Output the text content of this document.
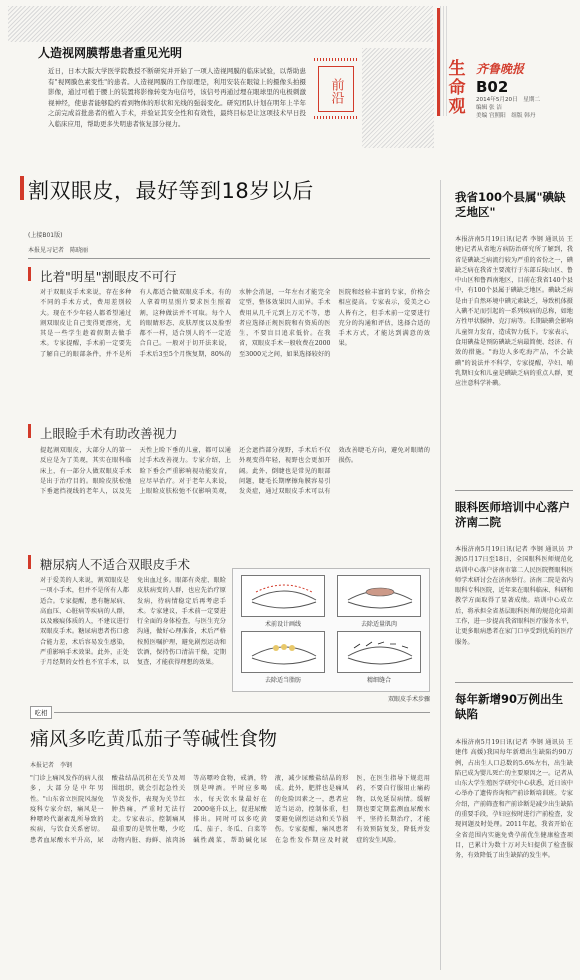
生命观
齐鲁晚报
B02
2014年5月20日　星期二
编辑 张 洁
美编 宫照阳　组版 韩丹
人造视网膜帮患者重见光明
近日，日本大阪大学医学院教授不断研究并开始了一项人造视网膜的临床试验，以帮助患有"视网膜色素变性"的患者。人造视网膜的工作原理是，利用安装在眼镜上的摄像头拍摄影像，通过可植于腰上的装置将影像转变为电信号，该信号再通过埋在眼球里的电极刺激视神经，使患者能够隐约看到物体的形状和光线的强弱变化。研究团队计划在明年上半年之前完成首批患者的植入手术，并验证其安全性和有效性，最终目标是让这项技术早日投入临床应用，帮助更多失明患者恢复部分视力。
前沿
割双眼皮，最好等到18岁以后
(上接B01版)
本报见习记者　陈晓丽
比着"明星"割眼皮不可行
对于双眼皮手术来说，存在多种不同的手术方式，费用差别较大。现在不少年轻人都希望通过割双眼皮让自己变得更漂亮，尤其是一些学生趁着假期去做手术。专家提醒，手术前一定要先了解自己的眼部条件，并不是所有人都适合做双眼皮手术。有的人拿着明星照片要求医生照着割，这种做法并不可取。每个人的眼睛形态、皮肤厚度以及脸型都不一样，适合别人的不一定适合自己。一般对于切开法来说，手术后3至5个月恢复期，80%的水肿会消退，一年左右才能完全定型，整体效果因人而异。手术费用从几千元到上万元不等，患者应选择正规医院和有资质的医生，不要盲目追求低价。在我省，双眼皮手术一般收费在2000至3000元之间，如果选择较好的医院和经验丰富的专家，价格会相应提高。专家表示，爱美之心人皆有之，但手术前一定要进行充分的沟通和评估，选择合适的手术方式，才能达到满意的效果。
上眼睑手术有助改善视力
提起割双眼皮，大部分人的第一反应是为了美观，其实在眼科临床上，有一部分人做双眼皮手术是出于治疗目的。眼睑皮肤松弛下垂遮挡视线的老年人，以及先天性上睑下垂的儿童，都可以通过手术改善视力。专家介绍，上睑下垂会严重影响视功能发育，应尽早治疗。对于老年人来说，上眼睑皮肤松弛不仅影响美观，还会遮挡部分视野，手术后不仅外观变得年轻，视野也会更加开阔。此外，倒睫也是常见的眼部问题，睫毛长期摩擦角膜容易引发炎症，通过双眼皮手术可以有效改善睫毛方向，避免对眼睛的损伤。
糖尿病人不适合双眼皮手术
对于爱美的人来说，割双眼皮是一项小手术，但并不是所有人都适合。专家提醒，患有糖尿病、高血压、心脏病等疾病的人群，以及瘢痕体质的人，不建议进行双眼皮手术。糖尿病患者伤口愈合能力差，术后容易发生感染，严重影响手术效果。此外，正处于月经期的女性也不宜手术，以免出血过多。眼部有炎症、眼睑皮肤病变的人群，也应先治疗原发病，待病情稳定后再考虑手术。专家建议，手术前一定要进行全面的身体检查，与医生充分沟通，做好心理准备，术后严格按照医嘱护理，避免剧烈运动和饮酒，保持伤口清洁干燥，定期复查，才能获得理想的效果。
术前设计画线	去除适量肌肉
去除适当脂肪	精细缝合
双眼皮手术步骤
吃相
痛风多吃黄瓜茄子等碱性食物
本报记者　李钢
"门诊上痛风发作的病人很多，大部分是中年男性。"山东省立医院风湿免疫科专家介绍，痛风是一种嘌呤代谢紊乱所导致的疾病，与饮食关系密切。患者血尿酸水平升高，尿酸盐结晶沉积在关节及周围组织，就会引起急性关节炎发作，表现为关节红肿热痛，严重时无法行走。专家表示，控制痛风最重要的是管住嘴，少吃动物内脏、海鲜、浓肉汤等高嘌呤食物，戒酒，特别是啤酒。平时应多喝水，每天饮水量最好在2000毫升以上，促进尿酸排出。同时可以多吃黄瓜、茄子、冬瓜、白菜等碱性蔬菜，帮助碱化尿液，减少尿酸盐结晶的形成。此外，肥胖也是痛风的危险因素之一，患者应适当运动，控制体重，但要避免剧烈运动和关节损伤。专家提醒，痛风患者在急性发作期应及时就医，在医生指导下规范用药，不要自行服用止痛药物，以免延误病情。缓解期也要定期监测血尿酸水平，坚持长期治疗，才能有效预防复发，降低并发症的发生风险。
我省100个县属"碘缺乏地区"
本报济南5月19日讯(记者 李钢 通讯员 王建)记者从省地方病防治研究所了解到，我省是碘缺乏病流行较为严重的省份之一，碘缺乏病在我省主要流行于东部丘陵山区、鲁中山区和鲁西南地区，目前在我省140个县中，有100个县属于碘缺乏地区。碘缺乏病是由于自然环境中碘元素缺乏，导致机体摄入碘不足而引起的一系列疾病的总称，如地方性甲状腺肿、克汀病等。长期缺碘会影响儿童智力发育，造成智力低下。专家表示，食用碘盐是预防碘缺乏病最简便、经济、有效的措施。"海边人多吃海产品，不会缺碘"的说法并不科学，专家提醒，孕妇、哺乳期妇女和儿童是碘缺乏病的重点人群，更应注意科学补碘。
眼科医师培训中心落户济南二院
本报济南5月19日讯(记者 李钢 通讯员 尹源)5月17日至18日，全国眼科医师规范化培训中心落户济南市第二人民医院暨眼科医师学术研讨会在济南举行。济南二院是省内眼科专科医院，近年来在眼科临床、科研和教学方面取得了显著成绩。培训中心成立后，将承担全省基层眼科医师的规范化培训工作，进一步提高我省眼科医疗服务水平，让更多眼病患者在家门口享受到优质的医疗服务。
每年新增90万例出生缺陷
本报济南5月19日讯(记者 李钢 通讯员 王建伟 高媛)我国每年新增出生缺陷约90万例，占出生人口总数的5.6%左右，出生缺陷已成为婴儿死亡的主要原因之一。记者从山东大学生殖医学研究中心获悉，近日该中心举办了遗传咨询和产前诊断培训班。专家介绍，产前筛查和产前诊断是减少出生缺陷的重要手段，孕妇应按时进行产前检查，发现问题及时处理。2011年起，我省开始在全省范围内实施免费孕前优生健康检查项目，已累计为数十万对夫妇提供了检查服务，有效降低了出生缺陷的发生率。
